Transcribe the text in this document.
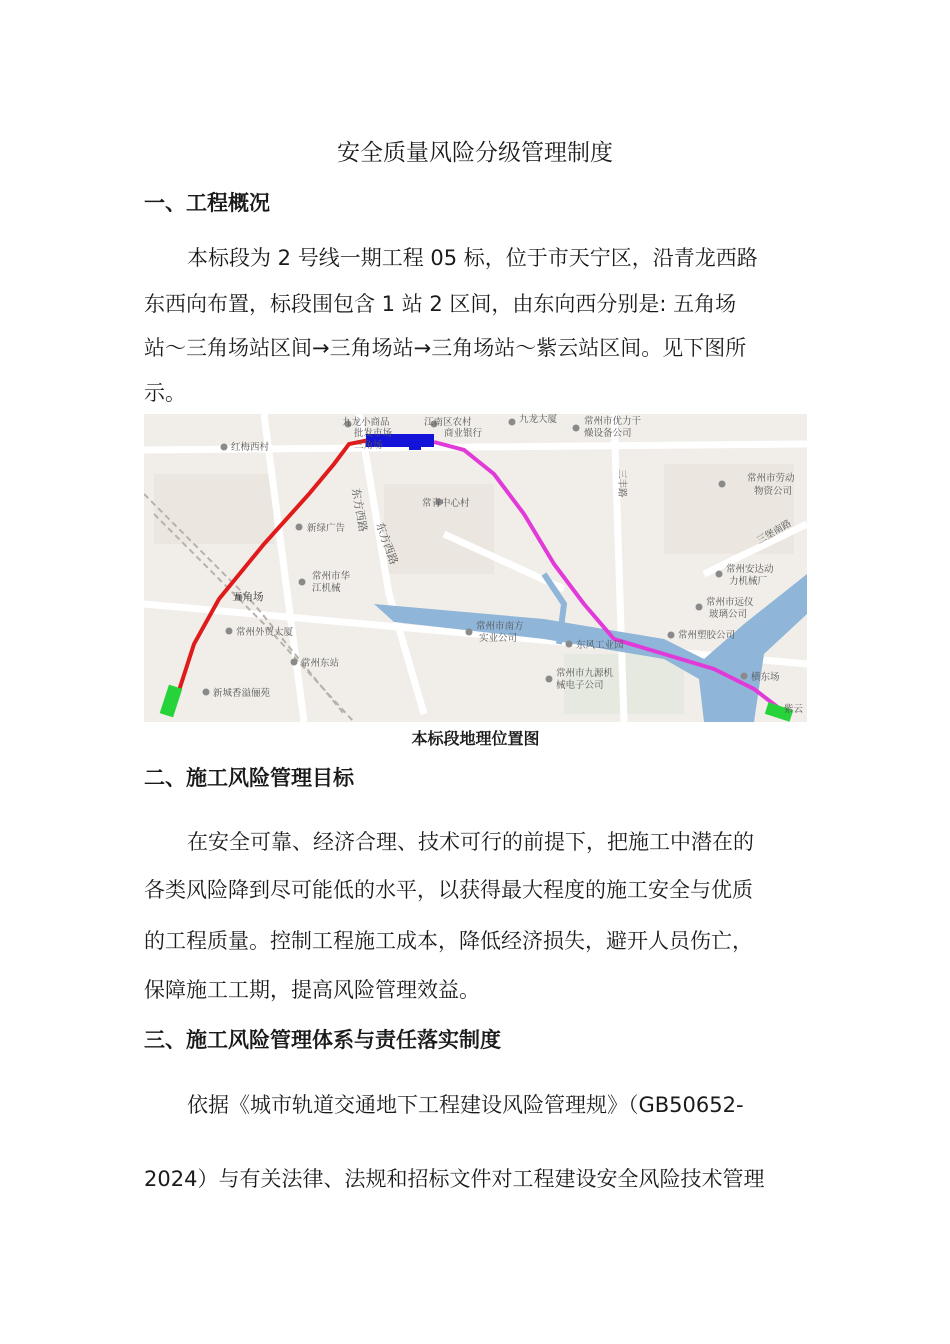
安全质量风险分级管理制度
一、工程概况
本标段为 2 号线一期工程 05 标，位于市天宁区，沿青龙西路
东西向布置，标段围包含 1 站 2 区间，由东向西分别是: 五角场
站～三角场站区间→三角场站→三角场站～紫云站区间。见下图所
示。
九龙小商品
批发市场
三角场
江南区农村
商业银行
九龙大厦	常州市优力干
燥设备公司
红梅西村
东方西路
东方西路
常青中心村
三丰路	常州市劳动
物资公司
三堡南路
新绿广告
常州市华
江机械
五角场
常州外贸大厦
常州东站
新城香溢俪苑
常州市南方
实业公司
东风工业园
常州市九源机
械电子公司
常州安达动
力机械厂
常州市远仪
玻璃公司
常州塑胶公司
横东场
紫云
本标段地理位置图
二、施工风险管理目标
在安全可靠、经济合理、技术可行的前提下，把施工中潜在的
各类风险降到尽可能低的水平，以获得最大程度的施工安全与优质
的工程质量。控制工程施工成本，降低经济损失，避开人员伤亡，
保障施工工期，提高风险管理效益。
三、施工风险管理体系与责任落实制度
依据《城市轨道交通地下工程建设风险管理规》（GB50652-
2024）与有关法律、法规和招标文件对工程建设安全风险技术管理
